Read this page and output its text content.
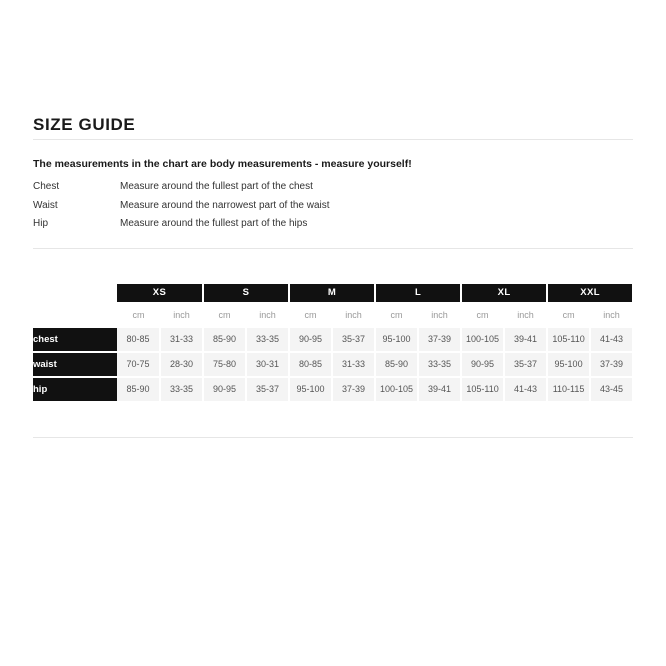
SIZE GUIDE
The measurements in the chart are body measurements - measure yourself!
Chest	Measure around the fullest part of the chest
Waist	Measure around the narrowest part of the waist
Hip	Measure around the fullest part of the hips
	XS		S		M		L		XL		XXL	
	cm	inch	cm	inch	cm	inch	cm	inch	cm	inch	cm	inch
chest	80-85	31-33	85-90	33-35	90-95	35-37	95-100	37-39	100-105	39-41	105-110	41-43
waist	70-75	28-30	75-80	30-31	80-85	31-33	85-90	33-35	90-95	35-37	95-100	37-39
hip	85-90	33-35	90-95	35-37	95-100	37-39	100-105	39-41	105-110	41-43	110-115	43-45
